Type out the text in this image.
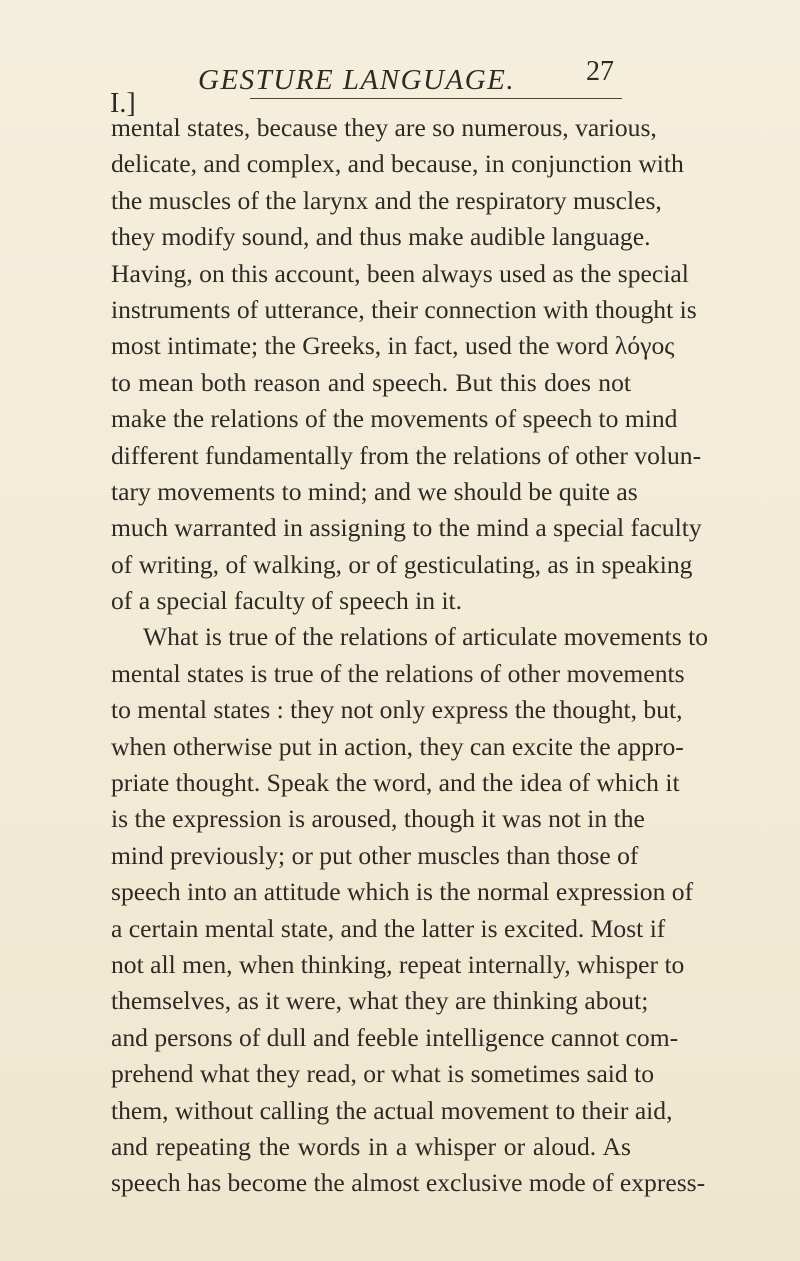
I.]
GESTURE LANGUAGE.	27
mental states, because they are so numerous, various,
delicate, and complex, and because, in conjunction with
the muscles of the larynx and the respiratory muscles,
they modify sound, and thus make audible language.
Having, on this account, been always used as the special
instruments of utterance, their connection with thought is
most intimate; the Greeks, in fact, used the word λόγος
to mean both reason and speech. But this does not
make the relations of the movements of speech to mind
different fundamentally from the relations of other volun-
tary movements to mind; and we should be quite as
much warranted in assigning to the mind a special faculty
of writing, of walking, or of gesticulating, as in speaking
of a special faculty of speech in it.
What is true of the relations of articulate movements to
mental states is true of the relations of other movements
to mental states : they not only express the thought, but,
when otherwise put in action, they can excite the appro-
priate thought. Speak the word, and the idea of which it
is the expression is aroused, though it was not in the
mind previously; or put other muscles than those of
speech into an attitude which is the normal expression of
a certain mental state, and the latter is excited. Most if
not all men, when thinking, repeat internally, whisper to
themselves, as it were, what they are thinking about;
and persons of dull and feeble intelligence cannot com-
prehend what they read, or what is sometimes said to
them, without calling the actual movement to their aid,
and repeating the words in a whisper or aloud. As
speech has become the almost exclusive mode of express-
